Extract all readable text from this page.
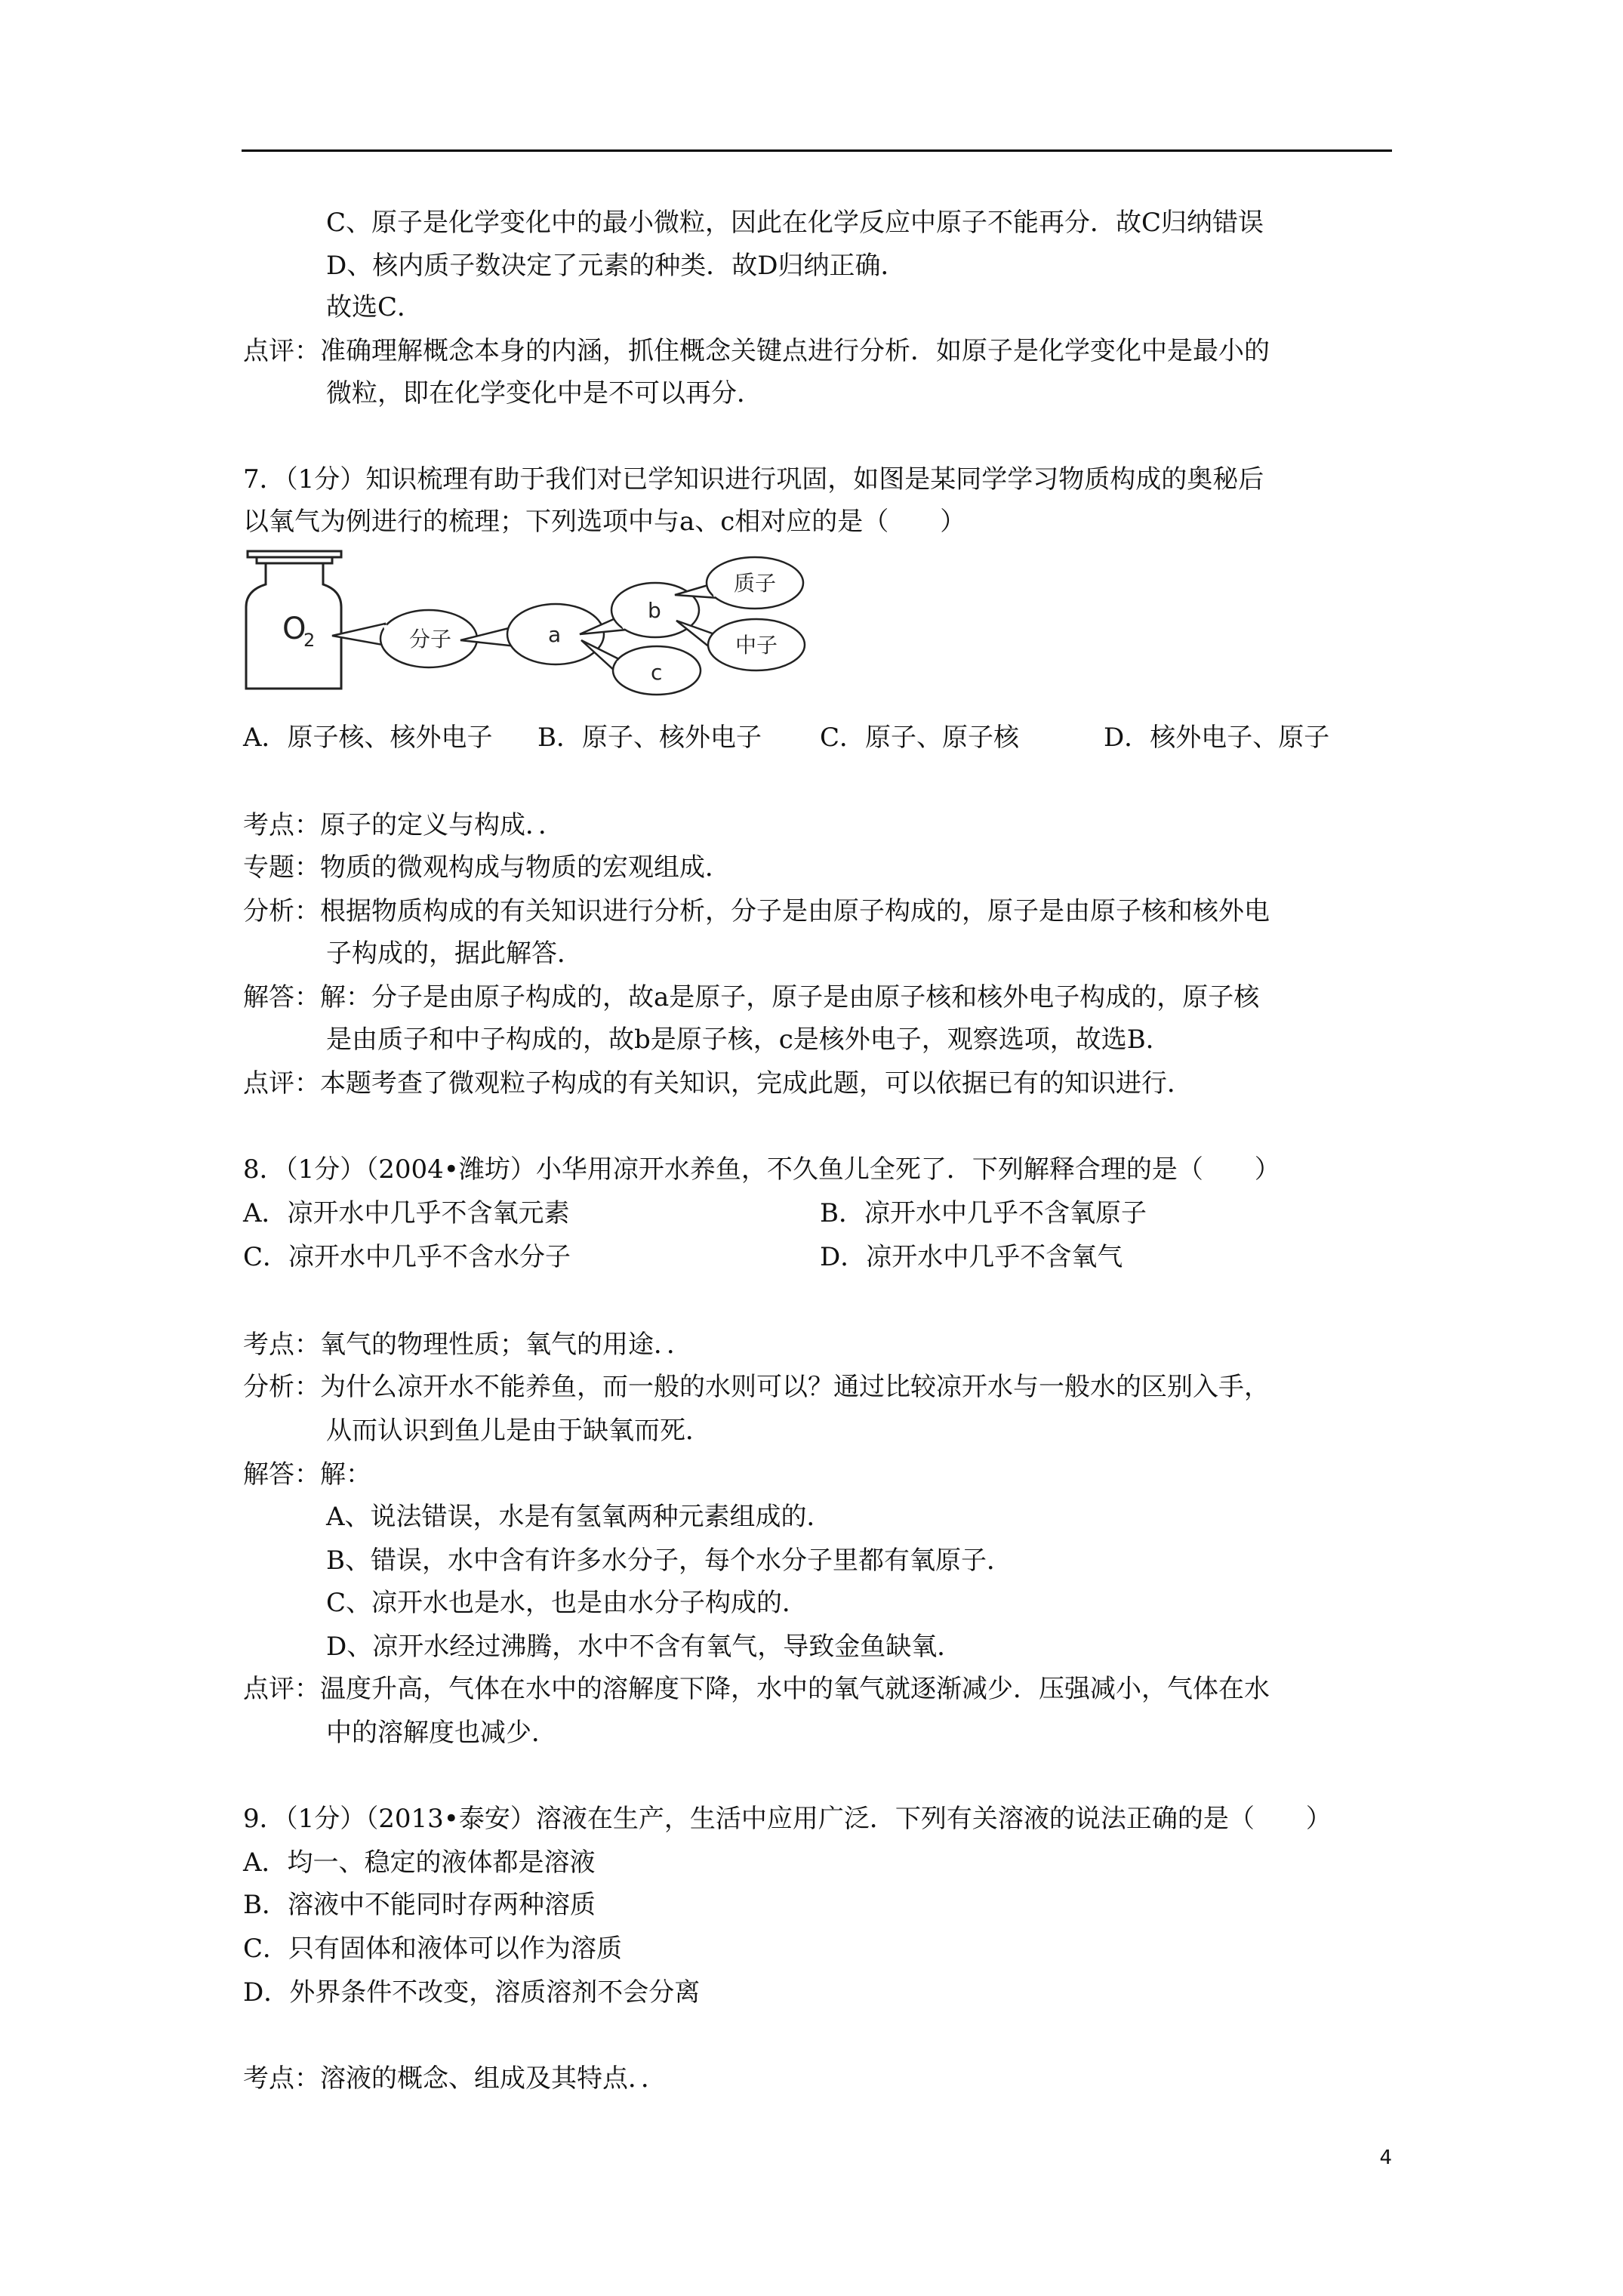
C、原子是化学变化中的最小微粒，因此在化学反应中原子不能再分．故C归纳错误
D、核内质子数决定了元素的种类．故D归纳正确．
故选C．
点评：准确理解概念本身的内涵，抓住概念关键点进行分析．如原子是化学变化中是最小的
微粒，即在化学变化中是不可以再分．
7．（1分）知识梳理有助于我们对已学知识进行巩固，如图是某同学学习物质构成的奥秘后
以氧气为例进行的梳理；下列选项中与a、c相对应的是（　　）
O
2	分子	a
b
c
质子
中子
A．原子核、核外电子 B．原子、核外电子 C．原子、原子核	D．核外电子、原子
考点：原子的定义与构成．．
专题：物质的微观构成与物质的宏观组成．
分析：根据物质构成的有关知识进行分析，分子是由原子构成的，原子是由原子核和核外电
子构成的，据此解答．
解答：解：分子是由原子构成的，故a是原子，原子是由原子核和核外电子构成的，原子核
是由质子和中子构成的，故b是原子核，c是核外电子，观察选项，故选B．
点评：本题考查了微观粒子构成的有关知识，完成此题，可以依据已有的知识进行．
8．（1分）（2004•潍坊）小华用凉开水养鱼，不久鱼儿全死了．下列解释合理的是（　　）
A．凉开水中几乎不含氧元素	B．凉开水中几乎不含氧原子
C．凉开水中几乎不含水分子	D．凉开水中几乎不含氧气
考点：氧气的物理性质；氧气的用途．．
分析：为什么凉开水不能养鱼，而一般的水则可以？通过比较凉开水与一般水的区别入手，
从而认识到鱼儿是由于缺氧而死．
解答：解：
A、说法错误，水是有氢氧两种元素组成的．
B、错误，水中含有许多水分子，每个水分子里都有氧原子．
C、凉开水也是水，也是由水分子构成的．
D、凉开水经过沸腾，水中不含有氧气，导致金鱼缺氧．
点评：温度升高，气体在水中的溶解度下降，水中的氧气就逐渐减少．压强减小，气体在水
中的溶解度也减少．
9．（1分）（2013•泰安）溶液在生产，生活中应用广泛．下列有关溶液的说法正确的是（　　）
A．均一、稳定的液体都是溶液
B．溶液中不能同时存两种溶质
C．只有固体和液体可以作为溶质
D．外界条件不改变，溶质溶剂不会分离
考点：溶液的概念、组成及其特点．．
4
